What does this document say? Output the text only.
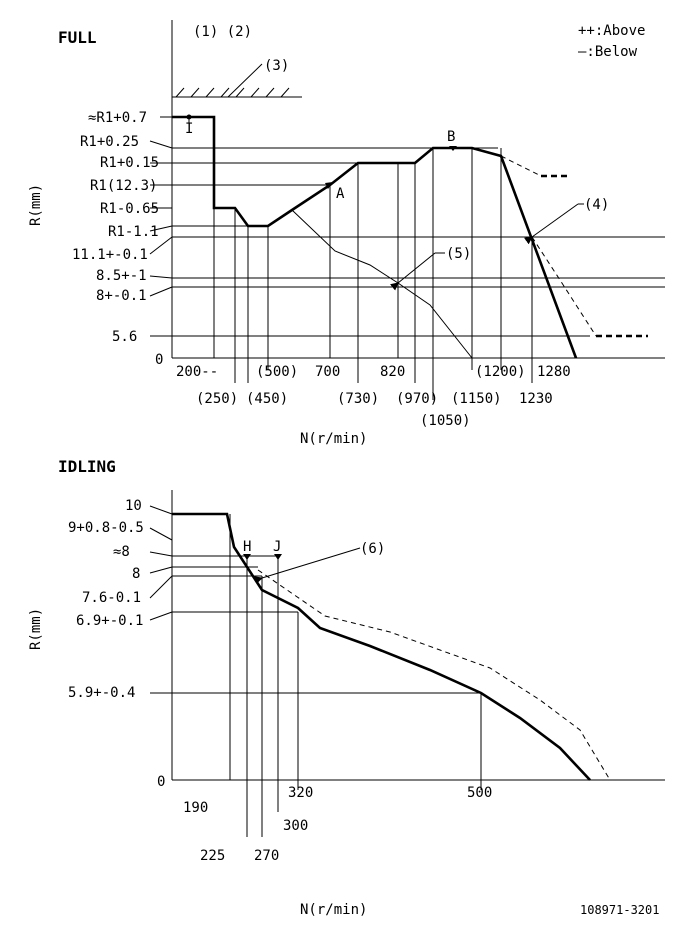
FULL	(1) (2)	++:Above
—:Below
(3)
≈R1+0.7
R1+0.25
R1+0.15
R1(12.3)
R1-0.65
R1-1.1
11.1+-0.1
8.5+-1
8+-0.1
5.6
0
R(mm)
I
A
B
(4)
(5)
200--	(500) 700	820	(1200) 1280
(250) (450)	(730) (970)
(1050)
(1150) 1230
N(r/min)
IDLING
10
9+0.8-0.5
≈8
8
7.6-0.1
6.9+-0.1
5.9+-0.4
0
R(mm)
H J	(6)
190
225 270
300
320	500
N(r/min)	108971-3201
